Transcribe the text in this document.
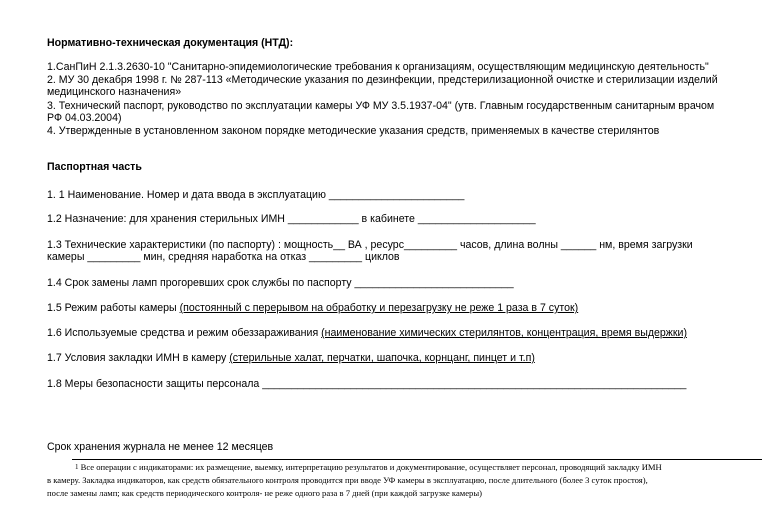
Нормативно-техническая документация (НТД):
1.СанПиН 2.1.3.2630-10 "Санитарно-эпидемиологические требования к организациям, осуществляющим медицинскую деятельность"
2. МУ 30 декабря 1998 г. № 287-113 «Методические указания по дезинфекции, предстерилизационной очистке и стерилизации изделий
медицинского назначения»
3. Технический паспорт, руководство по эксплуатации камеры УФ МУ 3.5.1937-04" (утв. Главным государственным санитарным врачом
РФ 04.03.2004)
4. Утвержденные в установленном законом порядке методические указания средств, применяемых в качестве стерилянтов
Паспортная часть
1. 1 Наименование. Номер и дата ввода в эксплуатацию _______________________
1.2 Назначение: для хранения стерильных ИМН ____________ в кабинете ____________________
1.3 Технические характеристики (по паспорту) : мощность__ ВА , ресурс_________ часов, длина волны ______ нм, время загрузки
камеры _________ мин, средняя наработка на отказ _________ циклов
1.4 Срок замены ламп прогоревших срок службы по паспорту ___________________________
1.5 Режим работы камеры (постоянный с перерывом на обработку и перезагрузку не реже 1 раза в 7 суток)
1.6 Используемые средства и режим обеззараживания (наименование химических стерилянтов, концентрация, время выдержки)
1.7 Условия закладки ИМН в камеру (стерильные халат, перчатки, шапочка, корнцанг, пинцет и т.п)
1.8 Меры безопасности защиты персонала ________________________________________________________________________
Срок хранения журнала не менее 12 месяцев
$^1$ Все операции с индикаторами: их размещение, выемку, интерпретацию результатов и документирование, осуществляет персонал, проводящий закладку ИМН
в камеру. Закладка индикаторов, как средств обязательного контроля проводится при вводе УФ камеры в эксплуатацию, после длительного (более 3 суток простоя),
после замены ламп; как средств периодического контроля- не реже одного раза в 7 дней (при каждой загрузке камеры)
